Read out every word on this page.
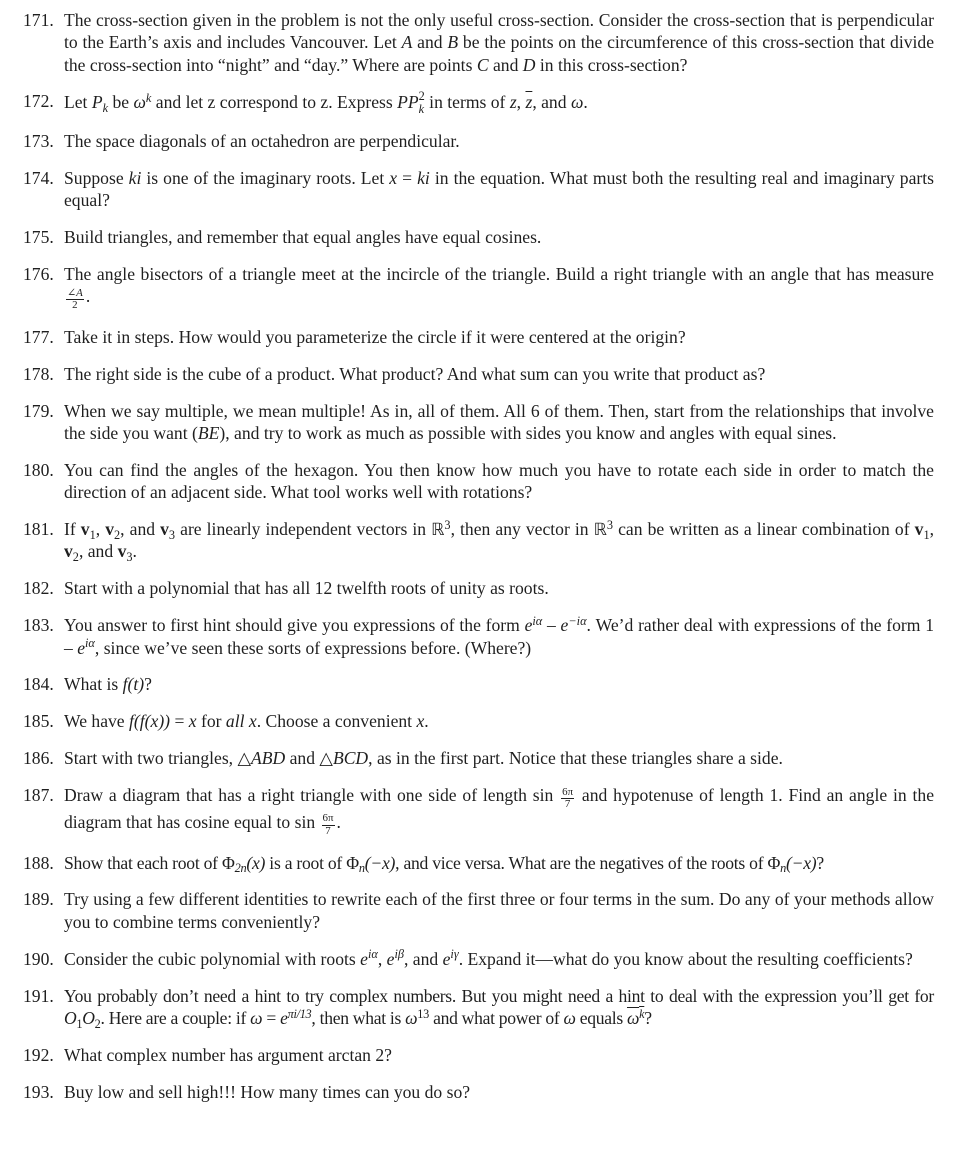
171. The cross-section given in the problem is not the only useful cross-section. Consider the cross-section that is perpendicular to the Earth’s axis and includes Vancouver. Let A and B be the points on the circumference of this cross-section that divide the cross-section into “night” and “day.” Where are points C and D in this cross-section?
172. Let $P_k$ be $\omega^k$ and let z correspond to z. Express PP 2
k in terms of z, $\overline{z}$, and ω.
173. The space diagonals of an octahedron are perpendicular.
174. Suppose ki is one of the imaginary roots. Let x = ki in the equation. What must both the resulting real and imaginary parts equal?
175. Build triangles, and remember that equal angles have equal cosines.
176. The angle bisectors of a triangle meet at the incircle of the triangle. Build a right triangle with an angle that has measure
$\frac{\angle A}{2}$ .
177. Take it in steps. How would you parameterize the circle if it were centered at the origin?
178. The right side is the cube of a product. What product? And what sum can you write that product as?
179. When we say multiple, we mean multiple! As in, all of them. All 6 of them. Then, start from the relationships that involve the side you want (BE), and try to work as much as possible with sides you know and angles with equal sines.
180. You can find the angles of the hexagon. You then know how much you have to rotate each side in order to match the direction of an adjacent side. What tool works well with rotations?
181. If $v_1$, $v_2$, and $v_3$ are linearly independent vectors in ℝ$^3$, then any vector in ℝ$^3$ can be written as a linear combination of $v_1$, $v_2$, and $v_3$.
182. Start with a polynomial that has all 12 twelfth roots of unity as roots.
183. You answer to first hint should give you expressions of the form $e^{i\alpha} - e^{-i\alpha}$. We’d rather deal with expressions of the form $1 - e^{i\alpha}$, since we’ve seen these sorts of expressions before. (Where?)
184. What is f(t)?
185. We have f(f(x)) = x for all x. Choose a convenient x.
186. Start with two triangles, △ABD and △BCD, as in the first part. Notice that these triangles share a side.
187. Draw a diagram that has a right triangle with one side of length $\sin \frac{6\pi}{7}$ and hypotenuse of length 1. Find an angle in the diagram that has cosine equal to $\sin \frac{6\pi}{7}$ .
188. Show that each root of $\Phi_{2n}(x)$ is a root of $\Phi_n(-x)$, and vice versa. What are the negatives of the roots of $\Phi_n(-x)$?
189. Try using a few different identities to rewrite each of the first three or four terms in the sum. Do any of your methods allow you to combine terms conveniently?
190. Consider the cubic polynomial with roots $e^{i\alpha}$, $e^{i\beta}$, and $e^{i\gamma}$. Expand it—what do you know about the resulting coefficients?
191. You probably don’t need a hint to try complex numbers. But you might need a hint to deal with the expression you’ll get for $O_1O_2$. Here are a couple: if $\omega = e^{\pi i/13}$, then what is $\omega^{13}$ and what power of ω equals $\omega^k$?
192. What complex number has argument arctan 2?
193. Buy low and sell high!!! How many times can you do so?
